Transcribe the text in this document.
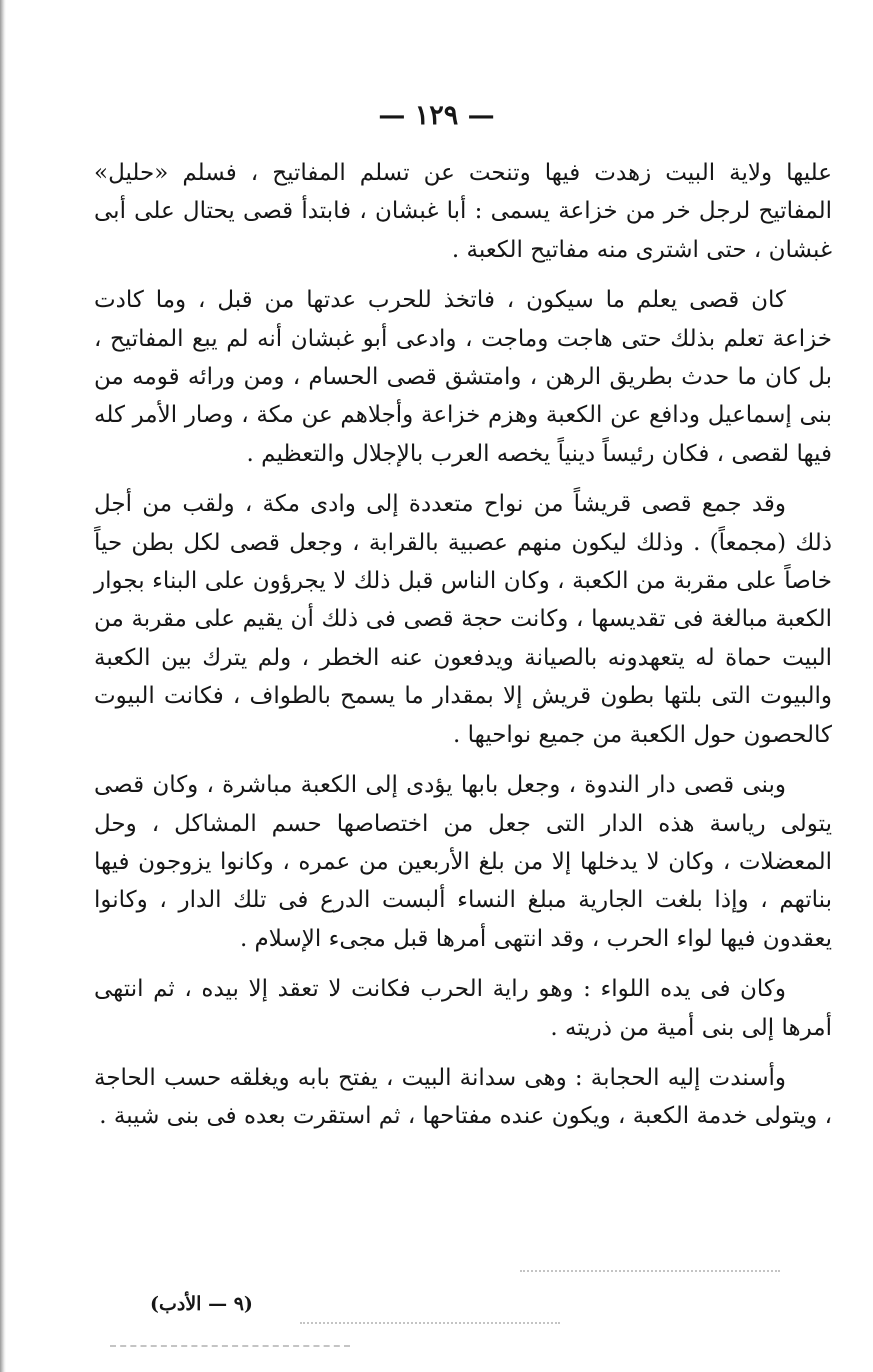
— ١٢٩ —

عليها ولاية البيت زهدت فيها وتنحت عن تسلم المفاتيح ، فسلم «حليل» المفاتيح لرجل خر من خزاعة يسمى : أبا غبشان ، فابتدأ قصى يحتال على أبى غبشان ، حتى اشترى منه مفاتيح الكعبة .

كان قصى يعلم ما سيكون ، فاتخذ للحرب عدتها من قبل ، وما كادت خزاعة تعلم بذلك حتى هاجت وماجت ، وادعى أبو غبشان أنه لم يبع المفاتيح ، بل كان ما حدث بطريق الرهن ، وامتشق قصى الحسام ، ومن ورائه قومه من بنى إسماعيل ودافع عن الكعبة وهزم خزاعة وأجلاهم عن مكة ، وصار الأمر كله فيها لقصى ، فكان رئيساً دينياً يخصه العرب بالإجلال والتعظيم .

وقد جمع قصى قريشاً من نواح متعددة إلى وادى مكة ، ولقب من أجل ذلك (مجمعاً) . وذلك ليكون منهم عصبية بالقرابة ، وجعل قصى لكل بطن حياً خاصاً على مقربة من الكعبة ، وكان الناس قبل ذلك لا يجرؤون على البناء بجوار الكعبة مبالغة فى تقديسها ، وكانت حجة قصى فى ذلك أن يقيم على مقربة من البيت حماة له يتعهدونه بالصيانة ويدفعون عنه الخطر ، ولم يترك بين الكعبة والبيوت التى بلتها بطون قريش إلا بمقدار ما يسمح بالطواف ، فكانت البيوت كالحصون حول الكعبة من جميع نواحيها .

وبنى قصى دار الندوة ، وجعل بابها يؤدى إلى الكعبة مباشرة ، وكان قصى يتولى رياسة هذه الدار التى جعل من اختصاصها حسم المشاكل ، وحل المعضلات ، وكان لا يدخلها إلا من بلغ الأربعين من عمره ، وكانوا يزوجون فيها بناتهم ، وإذا بلغت الجارية مبلغ النساء ألبست الدرع فى تلك الدار ، وكانوا يعقدون فيها لواء الحرب ، وقد انتهى أمرها قبل مجىء الإسلام .

وكان فى يده اللواء : وهو راية الحرب فكانت لا تعقد إلا بيده ، ثم انتهى أمرها إلى بنى أمية من ذريته .

وأسندت إليه الحجابة : وهى سدانة البيت ، يفتح بابه ويغلقه حسب الحاجة ، ويتولى خدمة الكعبة ، ويكون عنده مفتاحها ، ثم استقرت بعده فى بنى شيبة .

(٩ — الأدب)
